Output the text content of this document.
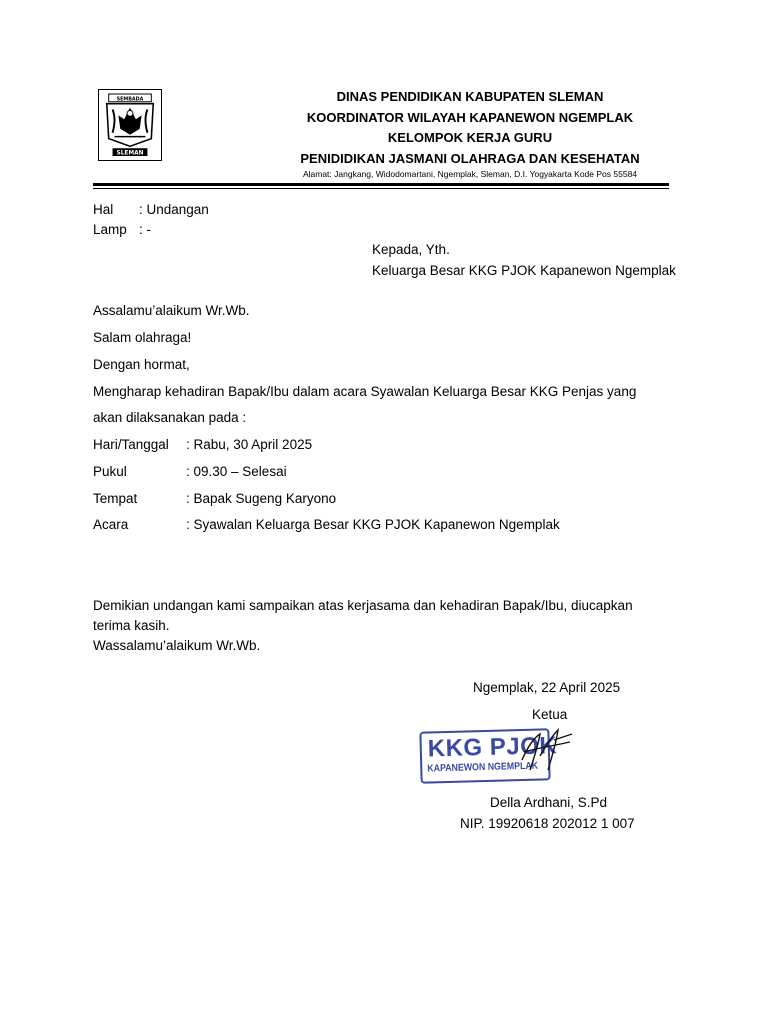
SEMBADA
SLEMAN
DINAS PENDIDIKAN KABUPATEN SLEMAN
KOORDINATOR WILAYAH KAPANEWON NGEMPLAK
KELOMPOK KERJA GURU
PENIDIDIKAN JASMANI OLAHRAGA DAN KESEHATAN
Alamat: Jangkang, Widodomartani, Ngemplak, Sleman, D.I. Yogyakarta Kode Pos 55584
Hal : Undangan
Lamp : -
Kepada, Yth.
Keluarga Besar KKG PJOK Kapanewon Ngemplak
Assalamu’alaikum Wr.Wb.
Salam olahraga!
Dengan hormat,
Mengharap kehadiran Bapak/Ibu dalam acara Syawalan Keluarga Besar KKG Penjas yang
akan dilaksanakan pada :
Hari/Tanggal : Rabu, 30 April 2025
Pukul	: 09.30 – Selesai
Tempat	: Bapak Sugeng Karyono
Acara	: Syawalan Keluarga Besar KKG PJOK Kapanewon Ngemplak
Demikian undangan kami sampaikan atas kerjasama dan kehadiran Bapak/Ibu, diucapkan
terima kasih.
Wassalamu’alaikum Wr.Wb.
Ngemplak, 22 April 2025
Ketua
KKG PJOK
KAPANEWON NGEMPLAK
Della Ardhani, S.Pd
NIP. 19920618 202012 1 007
